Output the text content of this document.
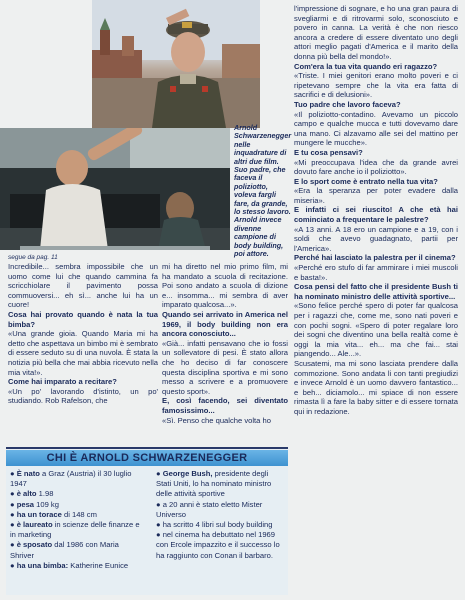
Arnold Schwarzenegger nelle inquadrature di altri due film. Suo padre, che faceva il poliziotto, voleva fargli fare, da grande, lo stesso lavoro. Arnold invece divenne campione di body building, poi attore.
segue da pag. 11

Incredibile... sembra impossibile che un uomo come lui che quando cammina fa scricchiolare il pavimento possa commuoversi... eh sì... anche lui ha un cuore!

Cosa hai provato quando è nata la tua bimba?

«Una grande gioia. Quando Maria mi ha detto che aspettava un bimbo mi è sembrato di essere seduto su di una nuvola. È stata la notizia più bella che mai abbia ricevuto nella mia vita!».

Come hai imparato a recitare?

«Un po' lavorando d'istinto, un po' studiando. Rob Rafelson, che

mi ha diretto nel mio primo film, mi ha mandato a scuola di recitazione. Poi sono andato a scuola di dizione e... insomma... mi sembra di aver imparato qualcosa...».

Quando sei arrivato in America nel 1969, il body building non era ancora conosciuto...

«Già... infatti pensavano che io fossi un sollevatore di pesi. È stato allora che ho deciso di far conoscere questa disciplina sportiva e mi sono messo a scrivere e a promuovere questo sport».

E, così facendo, sei diventato famosissimo...

«Sì. Penso che qualche volta ho

l'impressione di sognare, e ho una gran paura di svegliarmi e di ritrovarmi solo, sconosciuto e povero in canna. La verità è che non riesco ancora a credere di essere diventato uno degli attori meglio pagati d'America e il marito della donna più bella del mondo!».

Com'era la tua vita quando eri ragazzo?

«Triste. I miei genitori erano molto poveri e ci ripetevano sempre che la vita era fatta di sacrifici e di delusioni».

Tuo padre che lavoro faceva?

«Il poliziotto-contadino. Avevamo un piccolo campo e qualche mucca e tutti dovevamo dare una mano. Ci alzavamo alle sei del mattino per mungere le mucche».

E tu cosa pensavi?

«Mi preoccupava l'idea che da grande avrei dovuto fare anche io il poliziotto».

E lo sport come è entrato nella tua vita?

«Era la speranza per poter evadere dalla miseria».

E infatti ci sei riuscito! A che età hai cominciato a frequentare le palestre?

«A 13 anni. A 18 ero un campione e a 19, con i soldi che avevo guadagnato, partii per l'America».

Perché hai lasciato la palestra per il cinema?

«Perché ero stufo di far ammirare i miei muscoli e basta!».

Cosa pensi del fatto che il presidente Bush ti ha nominato ministro delle attività sportive...

«Sono felice perché spero di poter far qualcosa per i ragazzi che, come me, sono nati poveri e con pochi sogni. «Spero di poter regalare loro dei sogni che diventino una bella realtà come è oggi la mia vita... eh... ma che fai... stai piangendo... Ale...».

Scusatemi, ma mi sono lasciata prendere dalla commozione. Sono andata li con tanti pregiudizi e invece Arnold è un uomo davvero fantastico... e beh... diciamolo... mi spiace di non essere rimasta lì a fare la baby sitter e di essere tornata qui in redazione.

CHI È ARNOLD SCHWARZENEGGER
● È nato a Graz (Austria) il 30 luglio 1947
● è alto 1.98
● pesa 109 kg
● ha un torace di 148 cm
● è laureato in scienze delle finanze e in marketing
● è sposato dal 1986 con Maria Shriver
● ha una bimba: Katherine Eunice
● George Bush, presidente degli Stati Uniti, lo ha nominato ministro delle attività sportive
● a 20 anni è stato eletto Mister Universo
● ha scritto 4 libri sul body building
● nel cinema ha debuttato nel 1969 con Ercole impazzito e il successo lo ha raggiunto con Conan il barbaro.
